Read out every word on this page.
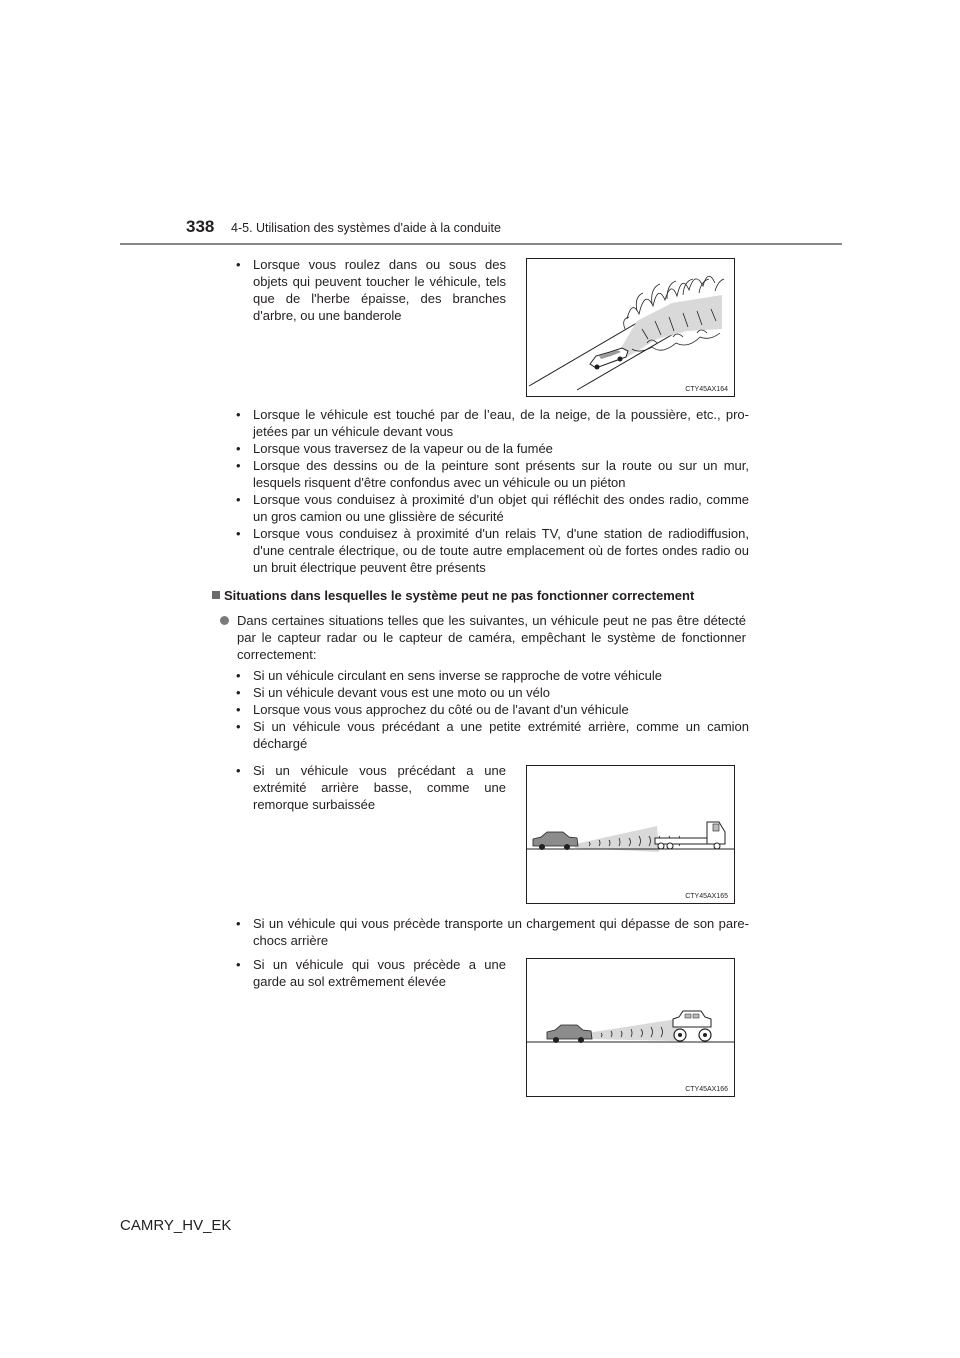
338 4-5. Utilisation des systèmes d'aide à la conduite
• Lorsque vous roulez dans ou sous des objets qui peuvent toucher le véhicule, tels que de l'herbe épaisse, des branches d'arbre, ou une banderole
CTY45AX164
• Lorsque le véhicule est touché par de l’eau, de la neige, de la poussière, etc., pro-jetées par un véhicule devant vous
• Lorsque vous traversez de la vapeur ou de la fumée
• Lorsque des dessins ou de la peinture sont présents sur la route ou sur un mur, lesquels risquent d'être confondus avec un véhicule ou un piéton
• Lorsque vous conduisez à proximité d'un objet qui réfléchit des ondes radio, comme un gros camion ou une glissière de sécurité
• Lorsque vous conduisez à proximité d'un relais TV, d'une station de radiodiffusion, d'une centrale électrique, ou de toute autre emplacement où de fortes ondes radio ou un bruit électrique peuvent être présents
Situations dans lesquelles le système peut ne pas fonctionner correctement
Dans certaines situations telles que les suivantes, un véhicule peut ne pas être détecté par le capteur radar ou le capteur de caméra, empêchant le système de fonctionner correctement:
• Si un véhicule circulant en sens inverse se rapproche de votre véhicule
• Si un véhicule devant vous est une moto ou un vélo
• Lorsque vous vous approchez du côté ou de l'avant d'un véhicule
• Si un véhicule vous précédant a une petite extrémité arrière, comme un camion déchargé
• Si un véhicule vous précédant a une extrémité arrière basse, comme une remorque surbaissée
CTY45AX165
• Si un véhicule qui vous précède transporte un chargement qui dépasse de son pare-chocs arrière
• Si un véhicule qui vous précède a une garde au sol extrêmement élevée
CTY45AX166
CAMRY_HV_EK
